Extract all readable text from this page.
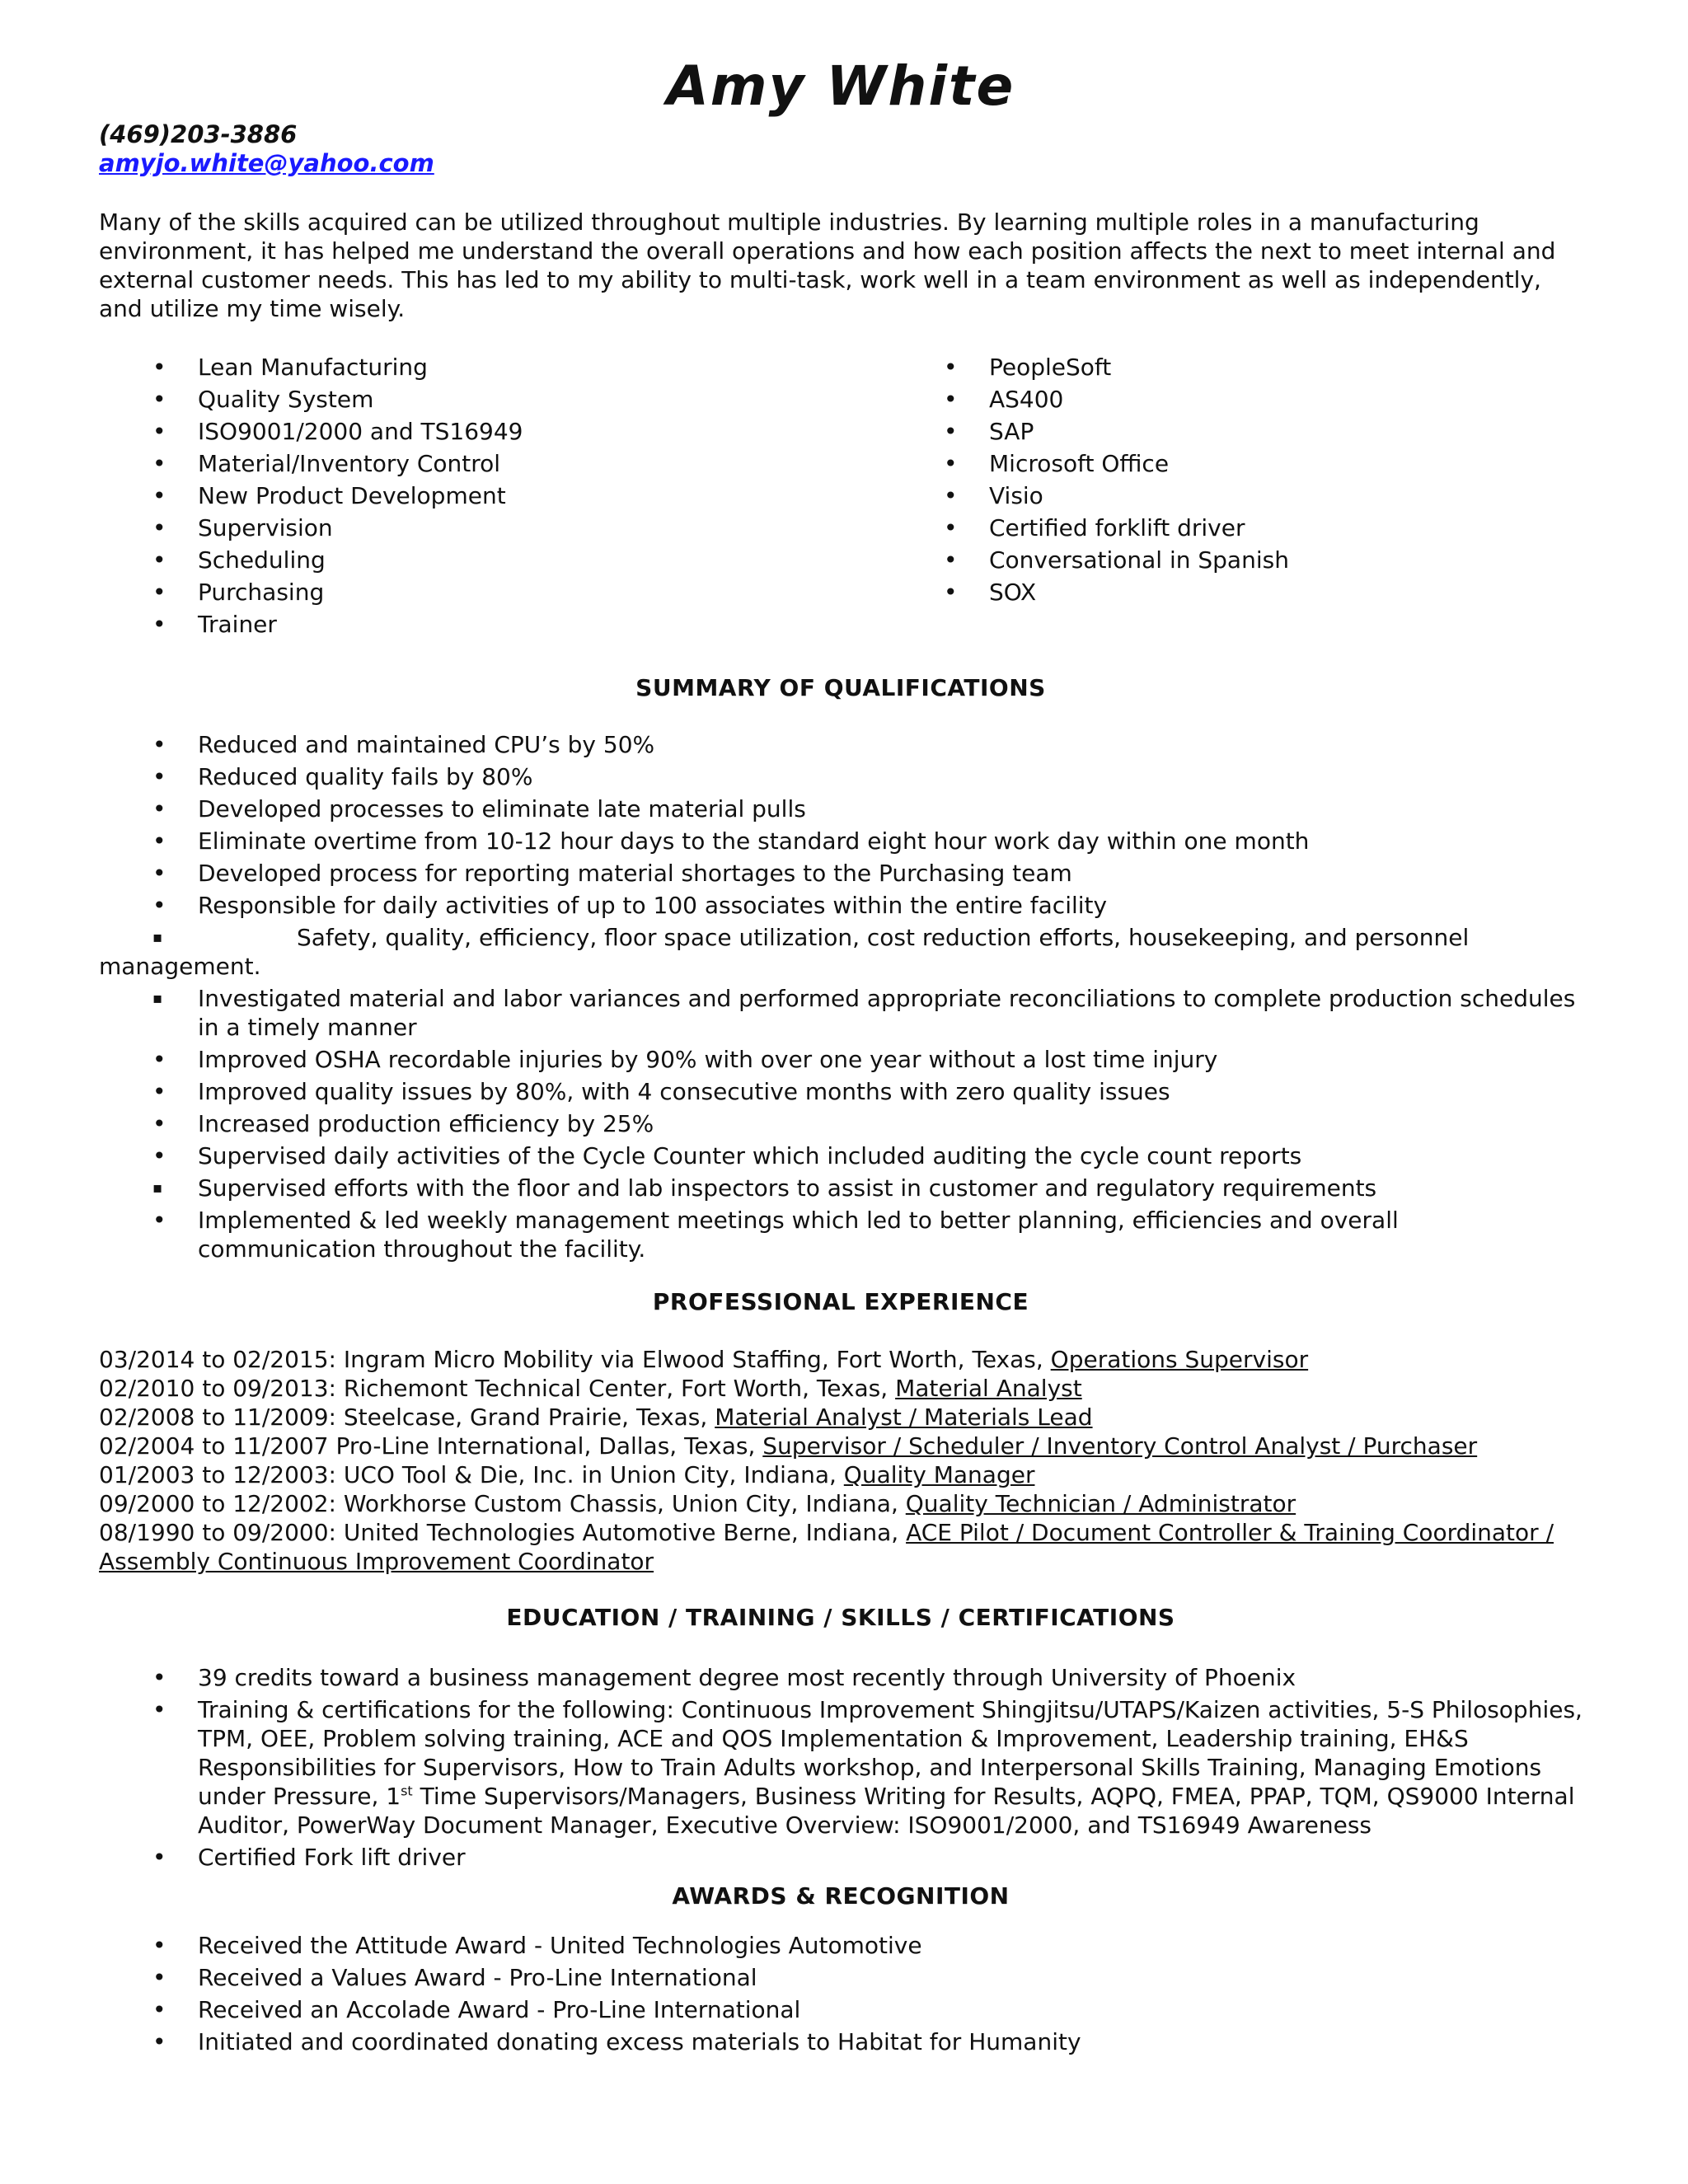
Amy White
(469)203-3886
amyjo.white@yahoo.com

Many of the skills acquired can be utilized throughout multiple industries. By learning multiple roles in a manufacturing environment, it has helped me understand the overall operations and how each position affects the next to meet internal and external customer needs. This has led to my ability to multi-task, work well in a team environment as well as independently, and utilize my time wisely.

• Lean Manufacturing
• Quality System
• ISO9001/2000 and TS16949
• Material/Inventory Control
• New Product Development
• Supervision
• Scheduling
• Purchasing
• Trainer
• PeopleSoft
• AS400
• SAP
• Microsoft Office
• Visio
• Certified forklift driver
• Conversational in Spanish
• SOX
SUMMARY OF QUALIFICATIONS
• Reduced and maintained CPU’s by 50%
• Reduced quality fails by 80%
• Developed processes to eliminate late material pulls
• Eliminate overtime from 10-12 hour days to the standard eight hour work day within one month
• Developed process for reporting material shortages to the Purchasing team
• Responsible for daily activities of up to 100 associates within the entire facility
▪	Safety, quality, efficiency, floor space utilization, cost reduction efforts, housekeeping, and personnel management.
▪ Investigated material and labor variances and performed appropriate reconciliations to complete production schedules in a timely manner
• Improved OSHA recordable injuries by 90% with over one year without a lost time injury
• Improved quality issues by 80%, with 4 consecutive months with zero quality issues
• Increased production efficiency by 25%
• Supervised daily activities of the Cycle Counter which included auditing the cycle count reports
▪ Supervised efforts with the floor and lab inspectors to assist in customer and regulatory requirements
• Implemented & led weekly management meetings which led to better planning, efficiencies and overall communication throughout the facility.
PROFESSIONAL EXPERIENCE
03/2014 to 02/2015: Ingram Micro Mobility via Elwood Staffing, Fort Worth, Texas, Operations Supervisor
02/2010 to 09/2013: Richemont Technical Center, Fort Worth, Texas, Material Analyst
02/2008 to 11/2009: Steelcase, Grand Prairie, Texas, Material Analyst / Materials Lead
02/2004 to 11/2007 Pro-Line International, Dallas, Texas, Supervisor / Scheduler / Inventory Control Analyst / Purchaser
01/2003 to 12/2003: UCO Tool & Die, Inc. in Union City, Indiana, Quality Manager
09/2000 to 12/2002: Workhorse Custom Chassis, Union City, Indiana, Quality Technician / Administrator
08/1990 to 09/2000: United Technologies Automotive Berne, Indiana, ACE Pilot / Document Controller & Training Coordinator / Assembly Continuous Improvement Coordinator
EDUCATION / TRAINING / SKILLS / CERTIFICATIONS
• 39 credits toward a business management degree most recently through University of Phoenix
• Training & certifications for the following: Continuous Improvement Shingjitsu/UTAPS/Kaizen activities, 5-S Philosophies, TPM, OEE, Problem solving training, ACE and QOS Implementation & Improvement, Leadership training, EH&S Responsibilities for Supervisors, How to Train Adults workshop, and Interpersonal Skills Training, Managing Emotions under Pressure, 1st Time Supervisors/Managers, Business Writing for Results, AQPQ, FMEA, PPAP, TQM, QS9000 Internal Auditor, PowerWay Document Manager, Executive Overview: ISO9001/2000, and TS16949 Awareness
• Certified Fork lift driver
AWARDS & RECOGNITION
• Received the Attitude Award - United Technologies Automotive
• Received a Values Award - Pro-Line International
• Received an Accolade Award - Pro-Line International
• Initiated and coordinated donating excess materials to Habitat for Humanity
